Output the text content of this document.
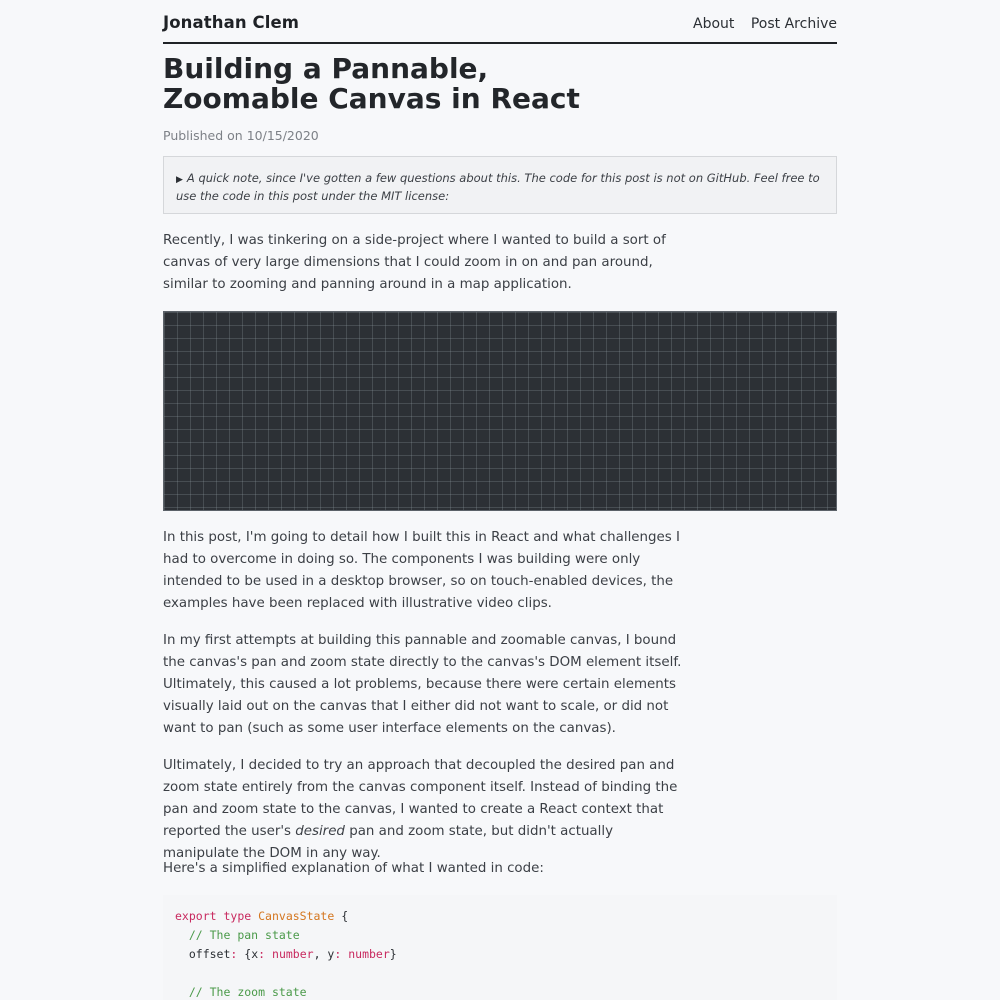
Jonathan Clem	About Post Archive
Building a Pannable, Zoomable Canvas in React
Published on 10/15/2020
▶ A quick note, since I've gotten a few questions about this. The code for this post is not on GitHub. Feel free to use the code in this post under the MIT license:

Recently, I was tinkering on a side-project where I wanted to build a sort of canvas of very large dimensions that I could zoom in on and pan around, similar to zooming and panning around in a map application.

In this post, I'm going to detail how I built this in React and what challenges I had to overcome in doing so. The components I was building were only intended to be used in a desktop browser, so on touch-enabled devices, the examples have been replaced with illustrative video clips.

In my first attempts at building this pannable and zoomable canvas, I bound the canvas's pan and zoom state directly to the canvas's DOM element itself. Ultimately, this caused a lot problems, because there were certain elements visually laid out on the canvas that I either did not want to scale, or did not want to pan (such as some user interface elements on the canvas).

Ultimately, I decided to try an approach that decoupled the desired pan and zoom state entirely from the canvas component itself. Instead of binding the pan and zoom state to the canvas, I wanted to create a React context that reported the user's desired pan and zoom state, but didn't actually manipulate the DOM in any way.

Here's a simplified explanation of what I wanted in code:

export type CanvasState {
// The pan state
offset: {x: number, y: number}
// The zoom state
